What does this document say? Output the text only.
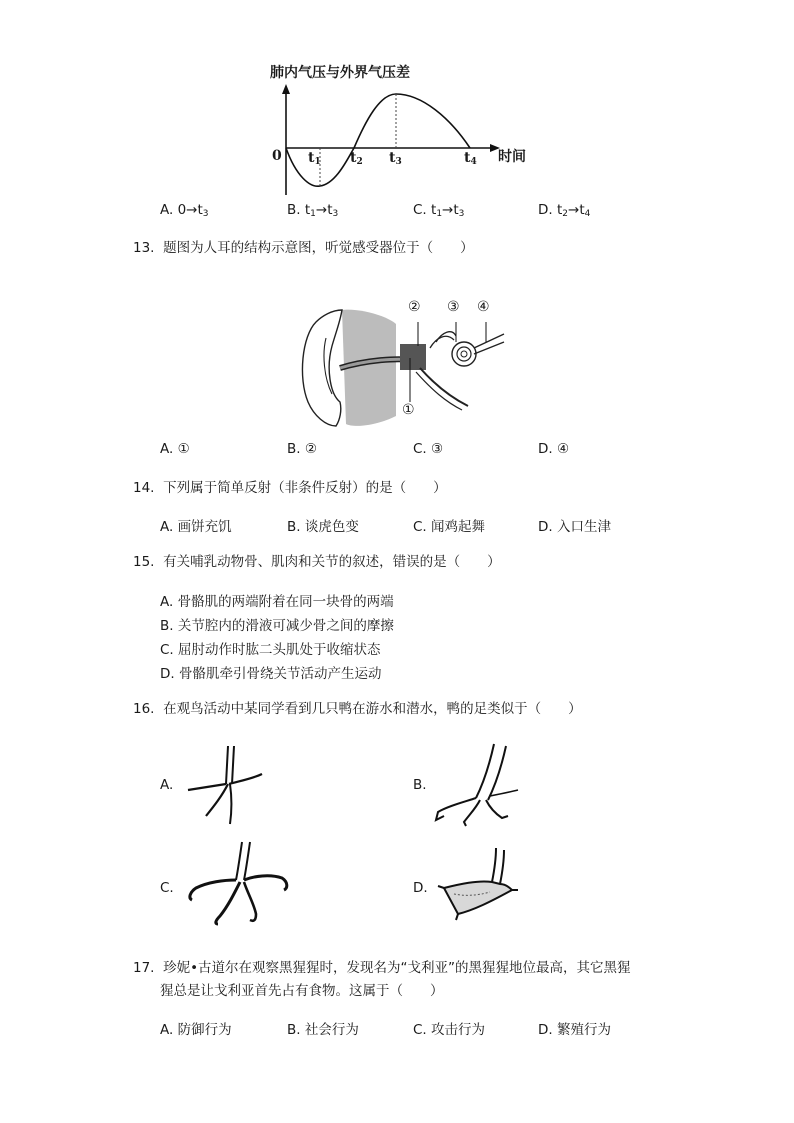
肺内气压与外界气压差
时间
0 $t_1$ $t_2$ $t_3$	$t_4$
A. $0\to t_3$	B. $t_1\to t_3$	C. $t_1\to t_3$	D. $t_2\to t_4$
13. 题图为人耳的结构示意图，听觉感受器位于（　　）
② ③ ④
①
A. ①	B. ②	C. ③	D. ④
14. 下列属于简单反射（非条件反射）的是（　　）
A. 画饼充饥	B. 谈虎色变	C. 闻鸡起舞	D. 入口生津
15. 有关哺乳动物骨、肌肉和关节的叙述，错误的是（　　）
A. 骨骼肌的两端附着在同一块骨的两端
B. 关节腔内的滑液可减少骨之间的摩擦
C. 屈肘动作时肱二头肌处于收缩状态
D. 骨骼肌牵引骨绕关节活动产生运动
16. 在观鸟活动中某同学看到几只鸭在游水和潜水，鸭的足类似于（　　）
A.	B.
C.	D.
17. 珍妮•古道尔在观察黑猩猩时，发现名为“戈利亚”的黑猩猩地位最高，其它黑猩
猩总是让戈利亚首先占有食物。这属于（　　）
A. 防御行为	B. 社会行为	C. 攻击行为	D. 繁殖行为
